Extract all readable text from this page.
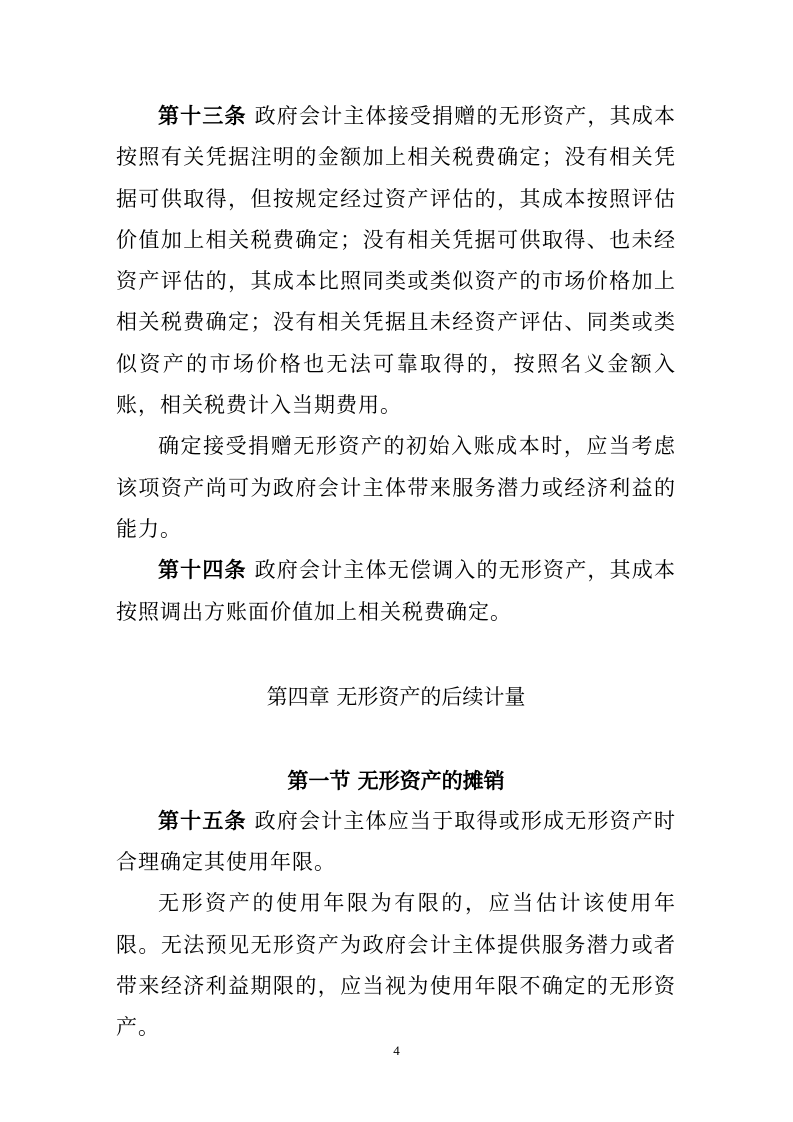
第十三条 政府会计主体接受捐赠的无形资产，其成本按照有关凭据注明的金额加上相关税费确定；没有相关凭据可供取得，但按规定经过资产评估的，其成本按照评估价值加上相关税费确定；没有相关凭据可供取得、也未经资产评估的，其成本比照同类或类似资产的市场价格加上相关税费确定；没有相关凭据且未经资产评估、同类或类似资产的市场价格也无法可靠取得的，按照名义金额入账，相关税费计入当期费用。

确定接受捐赠无形资产的初始入账成本时，应当考虑该项资产尚可为政府会计主体带来服务潜力或经济利益的能力。

第十四条 政府会计主体无偿调入的无形资产，其成本按照调出方账面价值加上相关税费确定。

第四章 无形资产的后续计量
第一节 无形资产的摊销

第十五条 政府会计主体应当于取得或形成无形资产时合理确定其使用年限。

无形资产的使用年限为有限的，应当估计该使用年限。无法预见无形资产为政府会计主体提供服务潜力或者带来经济利益期限的，应当视为使用年限不确定的无形资产。

4
